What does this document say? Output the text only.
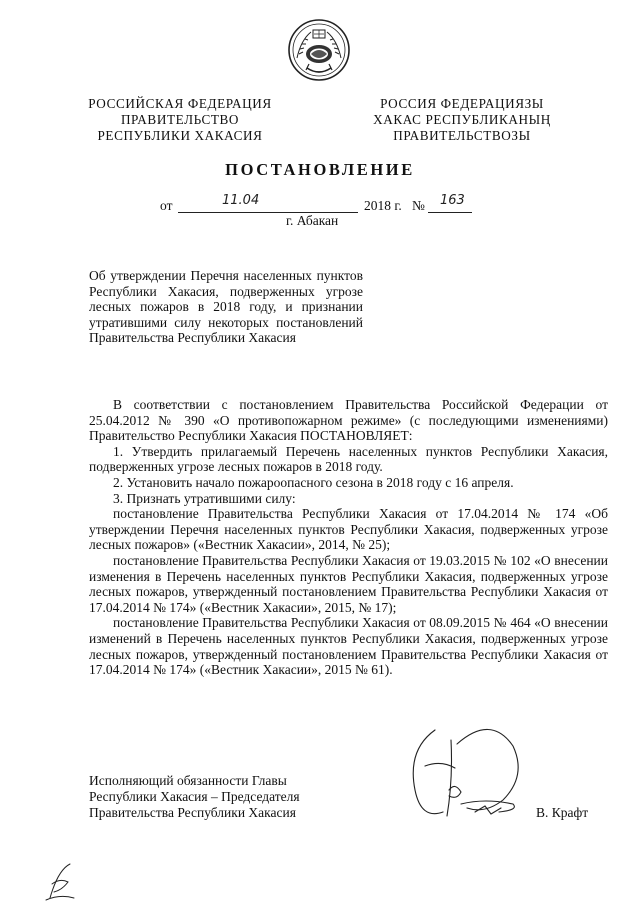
РОССИЙСКАЯ ФЕДЕРАЦИЯ
ПРАВИТЕЛЬСТВО
РЕСПУБЛИКИ ХАКАСИЯ
РОССИЯ ФЕДЕРАЦИЯЗЫ
ХАКАС РЕСПУБЛИКАНЫҢ
ПРАВИТЕЛЬСТВОЗЫ
ПОСТАНОВЛЕНИЕ
от	11.04	2018 г. № 163
г. Абакан
Об утверждении Перечня населенных пунктов Республики Хакасия, подверженных угрозе лесных пожаров в 2018 году, и признании утратившими силу некоторых постановлений Правительства Республики Хакасия

В соответствии с постановлением Правительства Российской Федерации от 25.04.2012 № 390 «О противопожарном режиме» (с последующими изменениями) Правительство Республики Хакасия ПОСТАНОВЛЯЕТ:

1. Утвердить прилагаемый Перечень населенных пунктов Республики Хакасия, подверженных угрозе лесных пожаров в 2018 году.

2. Установить начало пожароопасного сезона в 2018 году с 16 апреля.

3. Признать утратившими силу:

постановление Правительства Республики Хакасия от 17.04.2014 № 174 «Об утверждении Перечня населенных пунктов Республики Хакасия, подверженных угрозе лесных пожаров» («Вестник Хакасии», 2014, № 25);

постановление Правительства Республики Хакасия от 19.03.2015 № 102 «О внесении изменения в Перечень населенных пунктов Республики Хакасия, подверженных угрозе лесных пожаров, утвержденный постановлением Правительства Республики Хакасия от 17.04.2014 № 174» («Вестник Хакасии», 2015, № 17);

постановление Правительства Республики Хакасия от 08.09.2015 № 464 «О внесении изменений в Перечень населенных пунктов Республики Хакасия, подверженных угрозе лесных пожаров, утвержденный постановлением Правительства Республики Хакасия от 17.04.2014 № 174» («Вестник Хакасии», 2015 № 61).

Исполняющий обязанности Главы
Республики Хакасия – Председателя
Правительства Республики Хакасия	В. Крафт
